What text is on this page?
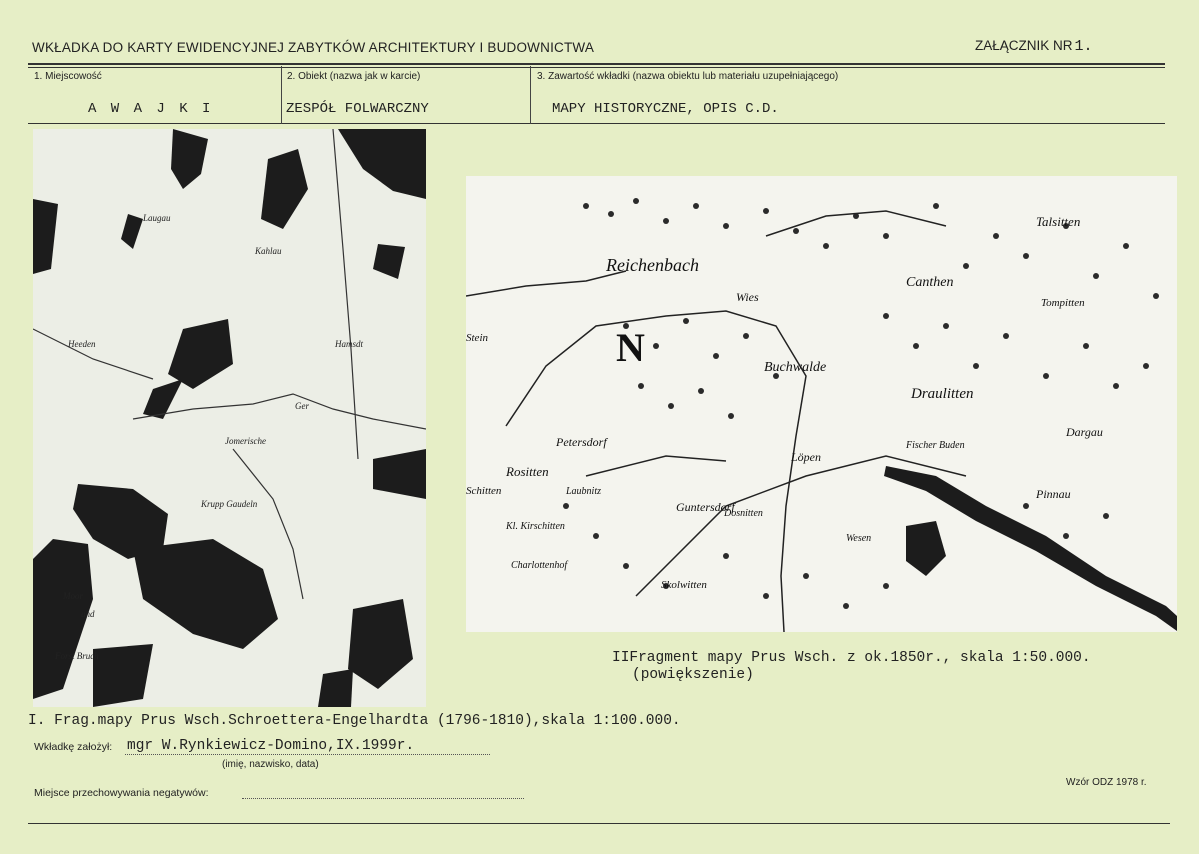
WKŁADKA DO KARTY EWIDENCYJNEJ ZABYTKÓW ARCHITEKTURY I BUDOWNICTWA	ZAŁĄCZNIK NR 1.
1. Miejscowość
A W A J K I
2. Obiekt (nazwa jak w karcie)
ZESPÓŁ FOLWARCZNY
3. Zawartość wkładki (nazwa obiektu lub materiału uzupełniającego)
MAPY HISTORYCZNE, OPIS C.D.
Laugau
Kahlau
Hamsdt
Heeden
Ger
Jomerische
Krupp Gaudeln
Moor
und
Forst Bruch
Reichenbach
Wies
Canthen
Talsitten
Tompitten
Buchwalde
Draulitten
Dargau
Petersdorf
Rositten
Laubnitz
Guntersdorf
Löpen
Fischer Buden
Pinnau
Schitten
Kl. Kirschitten
Dosnitten
Charlottenhof
Skolwitten
Wesen
Stein	N
IIFragment mapy Prus Wsch. z ok.1850r., skala 1:50.000.
(powiększenie)
I. Frag.mapy Prus Wsch.Schroettera-Engelhardta (1796-1810),skala 1:100.000.
Wkładkę założył: mgr W.Rynkiewicz-Domino,IX.1999r.
(imię, nazwisko, data)
Miejsce przechowywania negatywów:
Wzór ODZ 1978 r.
